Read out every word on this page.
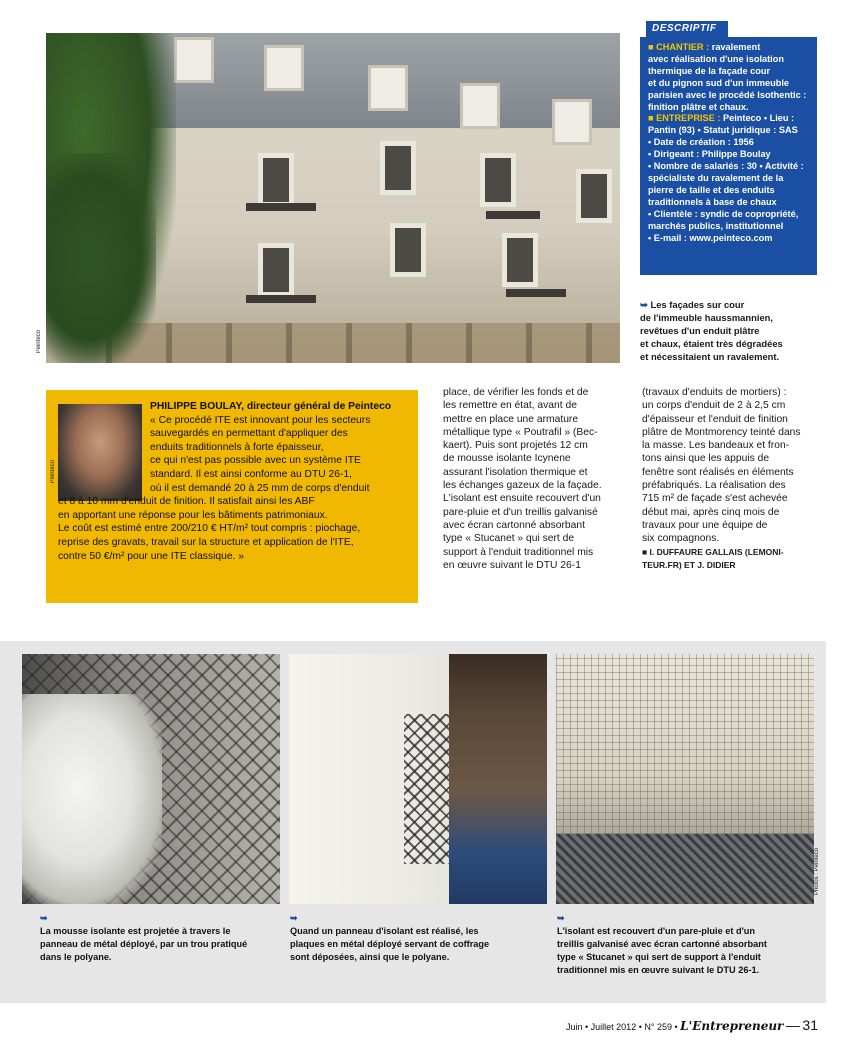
Peinteco
DESCRIPTIF

■ CHANTIER : ravalement

avec réalisation d'une isolation

thermique de la façade cour

et du pignon sud d'un immeuble

parisien avec le procédé Isothentic :

finition plâtre et chaux.

■ ENTREPRISE : Peinteco • Lieu :

Pantin (93) • Statut juridique : SAS

• Date de création : 1956

• Dirigeant : Philippe Boulay

• Nombre de salariés : 30 • Activité :

spécialiste du ravalement de la

pierre de taille et des enduits

traditionnels à base de chaux

• Clientèle : syndic de copropriété,

marchés publics, institutionnel

• E-mail : www.peinteco.com

➥ Les façades sur cour
de l'immeuble haussmannien,
revêtues d'un enduit plâtre
et chaux, étaient très dégradées
et nécessitaient un ravalement.
Peinteco
PHILIPPE BOULAY, directeur général de Peinteco
« Ce procédé ITE est innovant pour les secteurs
sauvegardés en permettant d'appliquer des
enduits traditionnels à forte épaisseur,
ce qui n'est pas possible avec un système ITE
standard. Il est ainsi conforme au DTU 26-1,
où il est demandé 20 à 25 mm de corps d'enduit
et 8 à 10 mm d'enduit de finition. Il satisfait ainsi les ABF
en apportant une réponse pour les bâtiments patrimoniaux.
Le coût est estimé entre 200/210 € HT/m² tout compris : piochage,
reprise des gravats, travail sur la structure et application de l'ITE,
contre 50 €/m² pour une ITE classique. »
place, de vérifier les fonds et de
les remettre en état, avant de
mettre en place une armature
métallique type « Poutrafil » (Bec-
kaert). Puis sont projetés 12 cm
de mousse isolante Icynene
assurant l'isolation thermique et
les échanges gazeux de la façade.
L'isolant est ensuite recouvert d'un
pare-pluie et d'un treillis galvanisé
avec écran cartonné absorbant
type « Stucanet » qui sert de
support à l'enduit traditionnel mis
en œuvre suivant le DTU 26-1
(travaux d'enduits de mortiers) :
un corps d'enduit de 2 à 2,5 cm
d'épaisseur et l'enduit de finition
plâtre de Montmorency teinté dans
la masse. Les bandeaux et fron-
tons ainsi que les appuis de
fenêtre sont réalisés en éléments
préfabriqués. La réalisation des
715 m² de façade s'est achevée
début mai, après cinq mois de
travaux pour une équipe de
six compagnons.
■ I. DUFFAURE GALLAIS (LEMONI-
TEUR.FR) ET J. DIDIER
Photos : Peinteco
➥
La mousse isolante est projetée à travers le
panneau de métal déployé, par un trou pratiqué
dans le polyane.
➥
Quand un panneau d'isolant est réalisé, les
plaques en métal déployé servant de coffrage
sont déposées, ainsi que le polyane.
➥
L'isolant est recouvert d'un pare-pluie et d'un
treillis galvanisé avec écran cartonné absorbant
type « Stucanet » qui sert de support à l'enduit
traditionnel mis en œuvre suivant le DTU 26-1.
Juin • Juillet 2012 • N° 259 • L'Entrepreneur — 31
